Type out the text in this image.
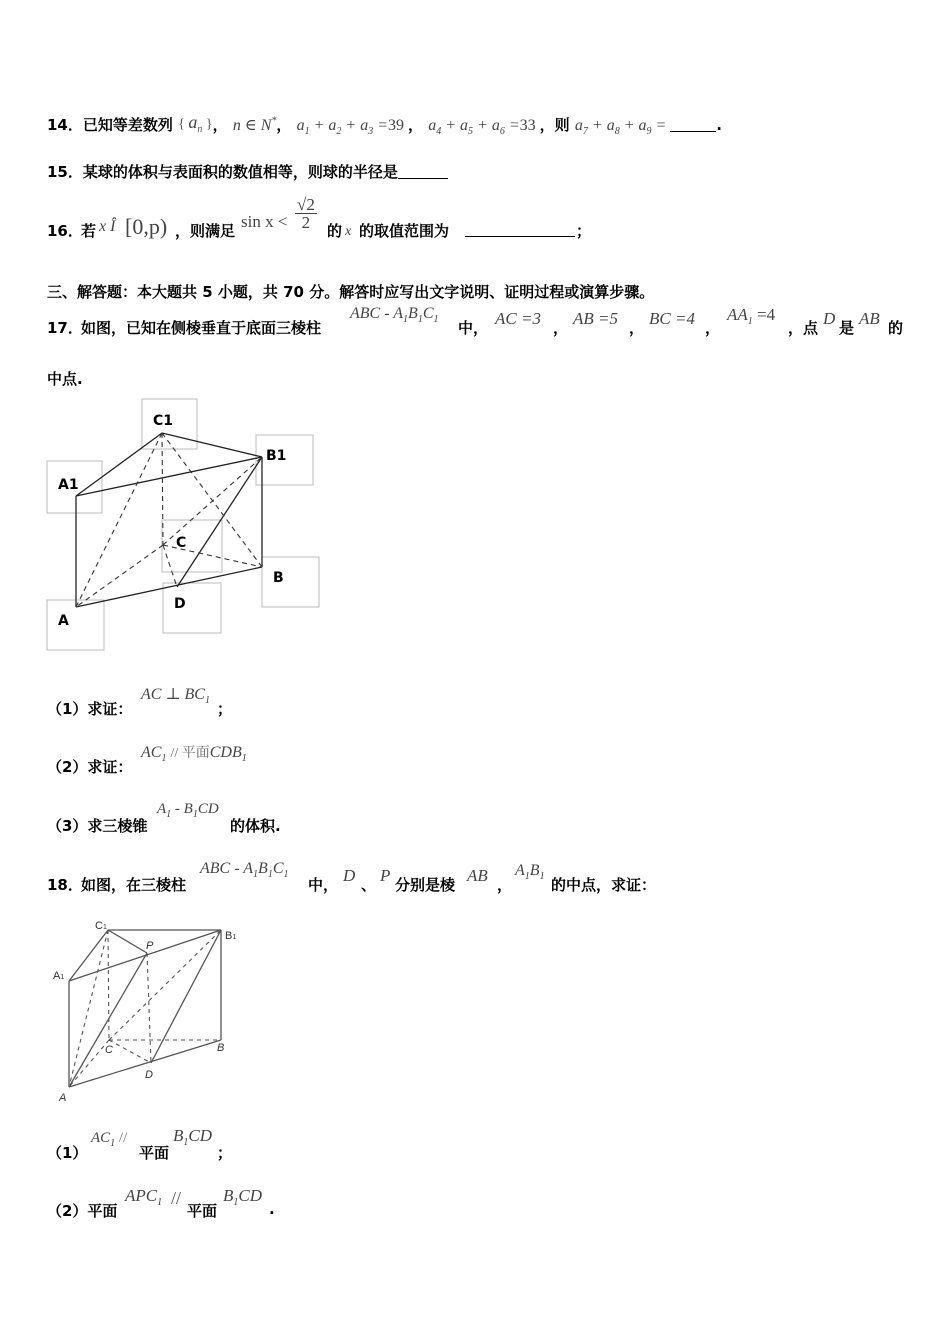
14．已知等差数列 { $a_n$ }， n ∈ N*， $a_1 + a_2 + a_3 =39$ ， $a_4 + a_5 + a_6 =33$ ，则 $a_7 + a_8 + a_9$ =	.
15．某球的体积与表面积的数值相等，则球的半径是
16．
若 x Î [0,p) ，则满足 $\sin x < \frac{√2}{2}$ 的 x 的取值范围为	；
三、解答题：本大题共 5 小题，共 70 分。解答时应写出文字说明、证明过程或演算步骤。
17．
如图，已知在侧棱垂直于底面三棱柱
ABC - $A_1B_1C_1$ 中， AC =3 ， AB =5 ， BC =4 ，
$AA_1 =4$
，点 D 是 AB 的
中点.
C1
B1
A1
C
B
D
A
（1）求证：
AC ⊥ $BC_1$ ；
（2）求证：
$AC_1$ // 平面$CDB_1$
（3）求三棱锥
$A_1 - B_1CD$
的体积.
18．
如图，在三棱柱
ABC - $A_1B_1C_1$
中， D 、 P 分别是棱 AB ，
$A_1B_1$ 的中点，求证：
C1
P
B1
A1
C	B
D
A
（1）
$AC_1$ //
平面
$B_1CD$
；
（2）平面
$APC_1$ //
平面
$B_1CD$
.
